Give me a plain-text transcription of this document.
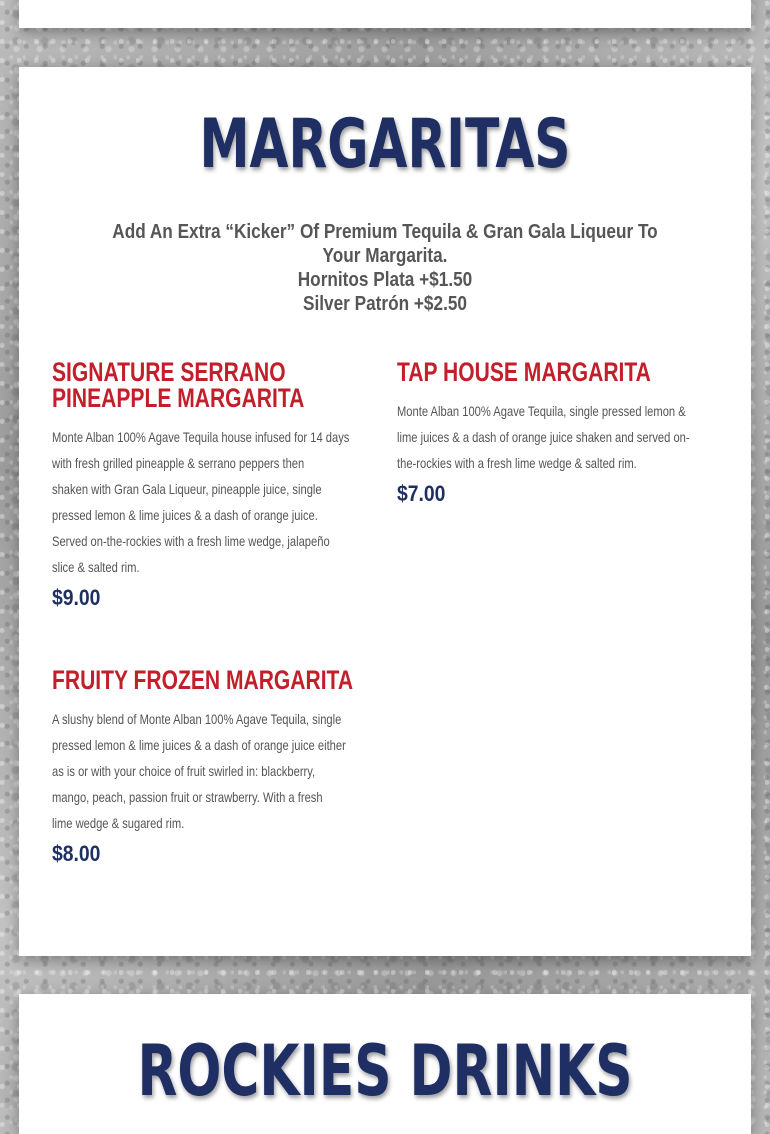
MARGARITAS
Add An Extra “Kicker” Of Premium Tequila & Gran Gala Liqueur To
Your Margarita.
Hornitos Plata +$1.50
Silver Patrón +$2.50
SIGNATURE SERRANO
PINEAPPLE MARGARITA
Monte Alban 100% Agave Tequila house infused for 14 days
with fresh grilled pineapple & serrano peppers then
shaken with Gran Gala Liqueur, pineapple juice, single
pressed lemon & lime juices & a dash of orange juice.
Served on-the-rockies with a fresh lime wedge, jalapeño
slice & salted rim.
$9.00
TAP HOUSE MARGARITA
Monte Alban 100% Agave Tequila, single pressed lemon &
lime juices & a dash of orange juice shaken and served on-
the-rockies with a fresh lime wedge & salted rim.
$7.00
FRUITY FROZEN MARGARITA
A slushy blend of Monte Alban 100% Agave Tequila, single
pressed lemon & lime juices & a dash of orange juice either
as is or with your choice of fruit swirled in: blackberry,
mango, peach, passion fruit or strawberry. With a fresh
lime wedge & sugared rim.
$8.00
ROCKIES DRINKS
